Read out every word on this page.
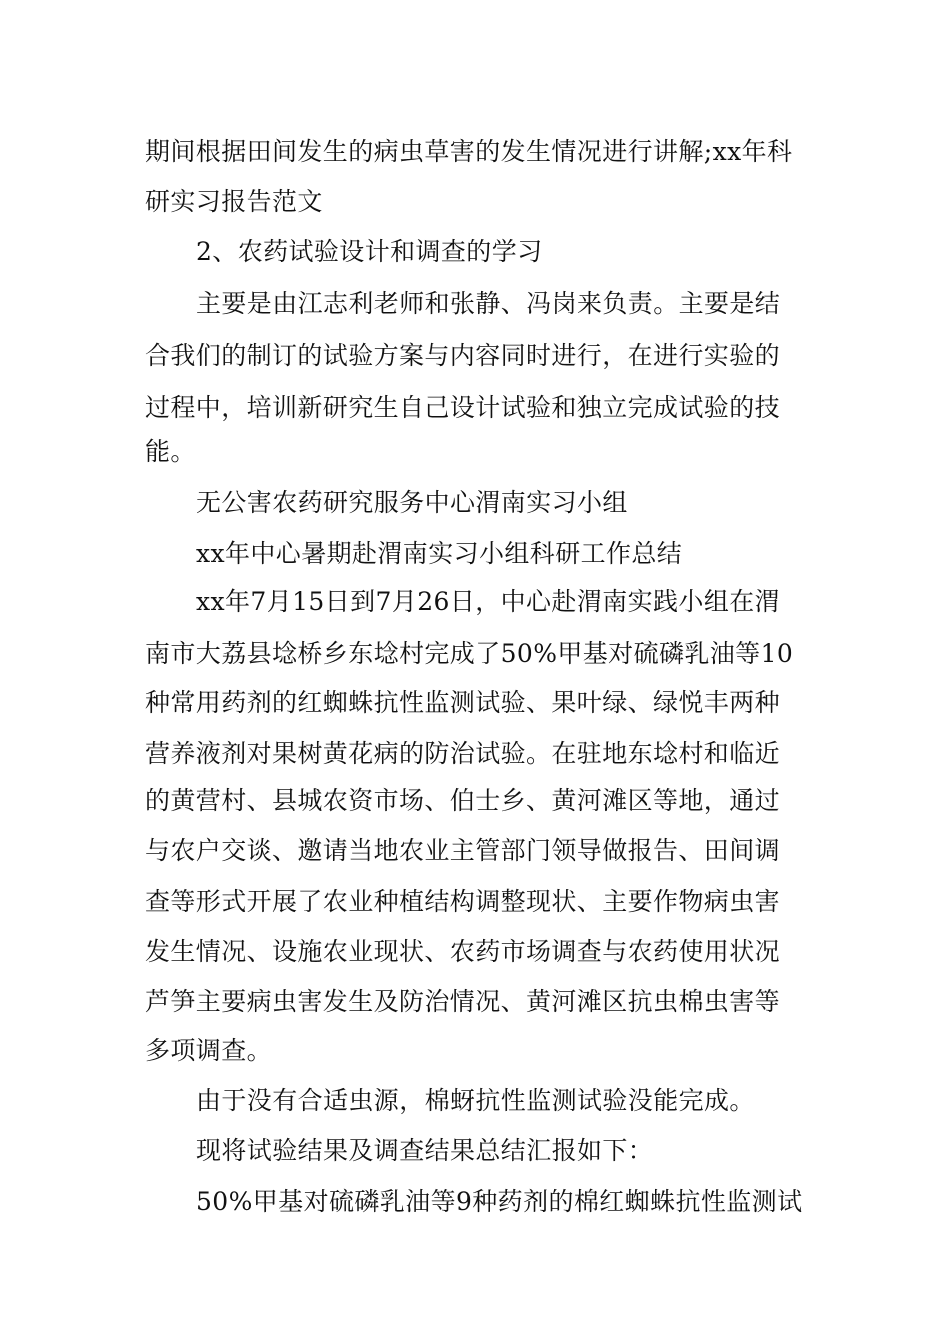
期间根据田间发生的病虫草害的发生情况进行讲解;xx年科
研实习报告范文
2、农药试验设计和调查的学习
主要是由江志利老师和张静、冯岗来负责。主要是结
合我们的制订的试验方案与内容同时进行，在进行实验的
过程中，培训新研究生自己设计试验和独立完成试验的技
能。
无公害农药研究服务中心渭南实习小组
xx年中心暑期赴渭南实习小组科研工作总结
xx年7月15日到7月26日，中心赴渭南实践小组在渭
南市大荔县埝桥乡东埝村完成了50%甲基对硫磷乳油等10
种常用药剂的红蜘蛛抗性监测试验、果叶绿、绿悦丰两种
营养液剂对果树黄花病的防治试验。在驻地东埝村和临近
的黄营村、县城农资市场、伯士乡、黄河滩区等地，通过
与农户交谈、邀请当地农业主管部门领导做报告、田间调
查等形式开展了农业种植结构调整现状、主要作物病虫害
发生情况、设施农业现状、农药市场调查与农药使用状况
芦笋主要病虫害发生及防治情况、黄河滩区抗虫棉虫害等
多项调查。
由于没有合适虫源，棉蚜抗性监测试验没能完成。
现将试验结果及调查结果总结汇报如下：
50%甲基对硫磷乳油等9种药剂的棉红蜘蛛抗性监测试
